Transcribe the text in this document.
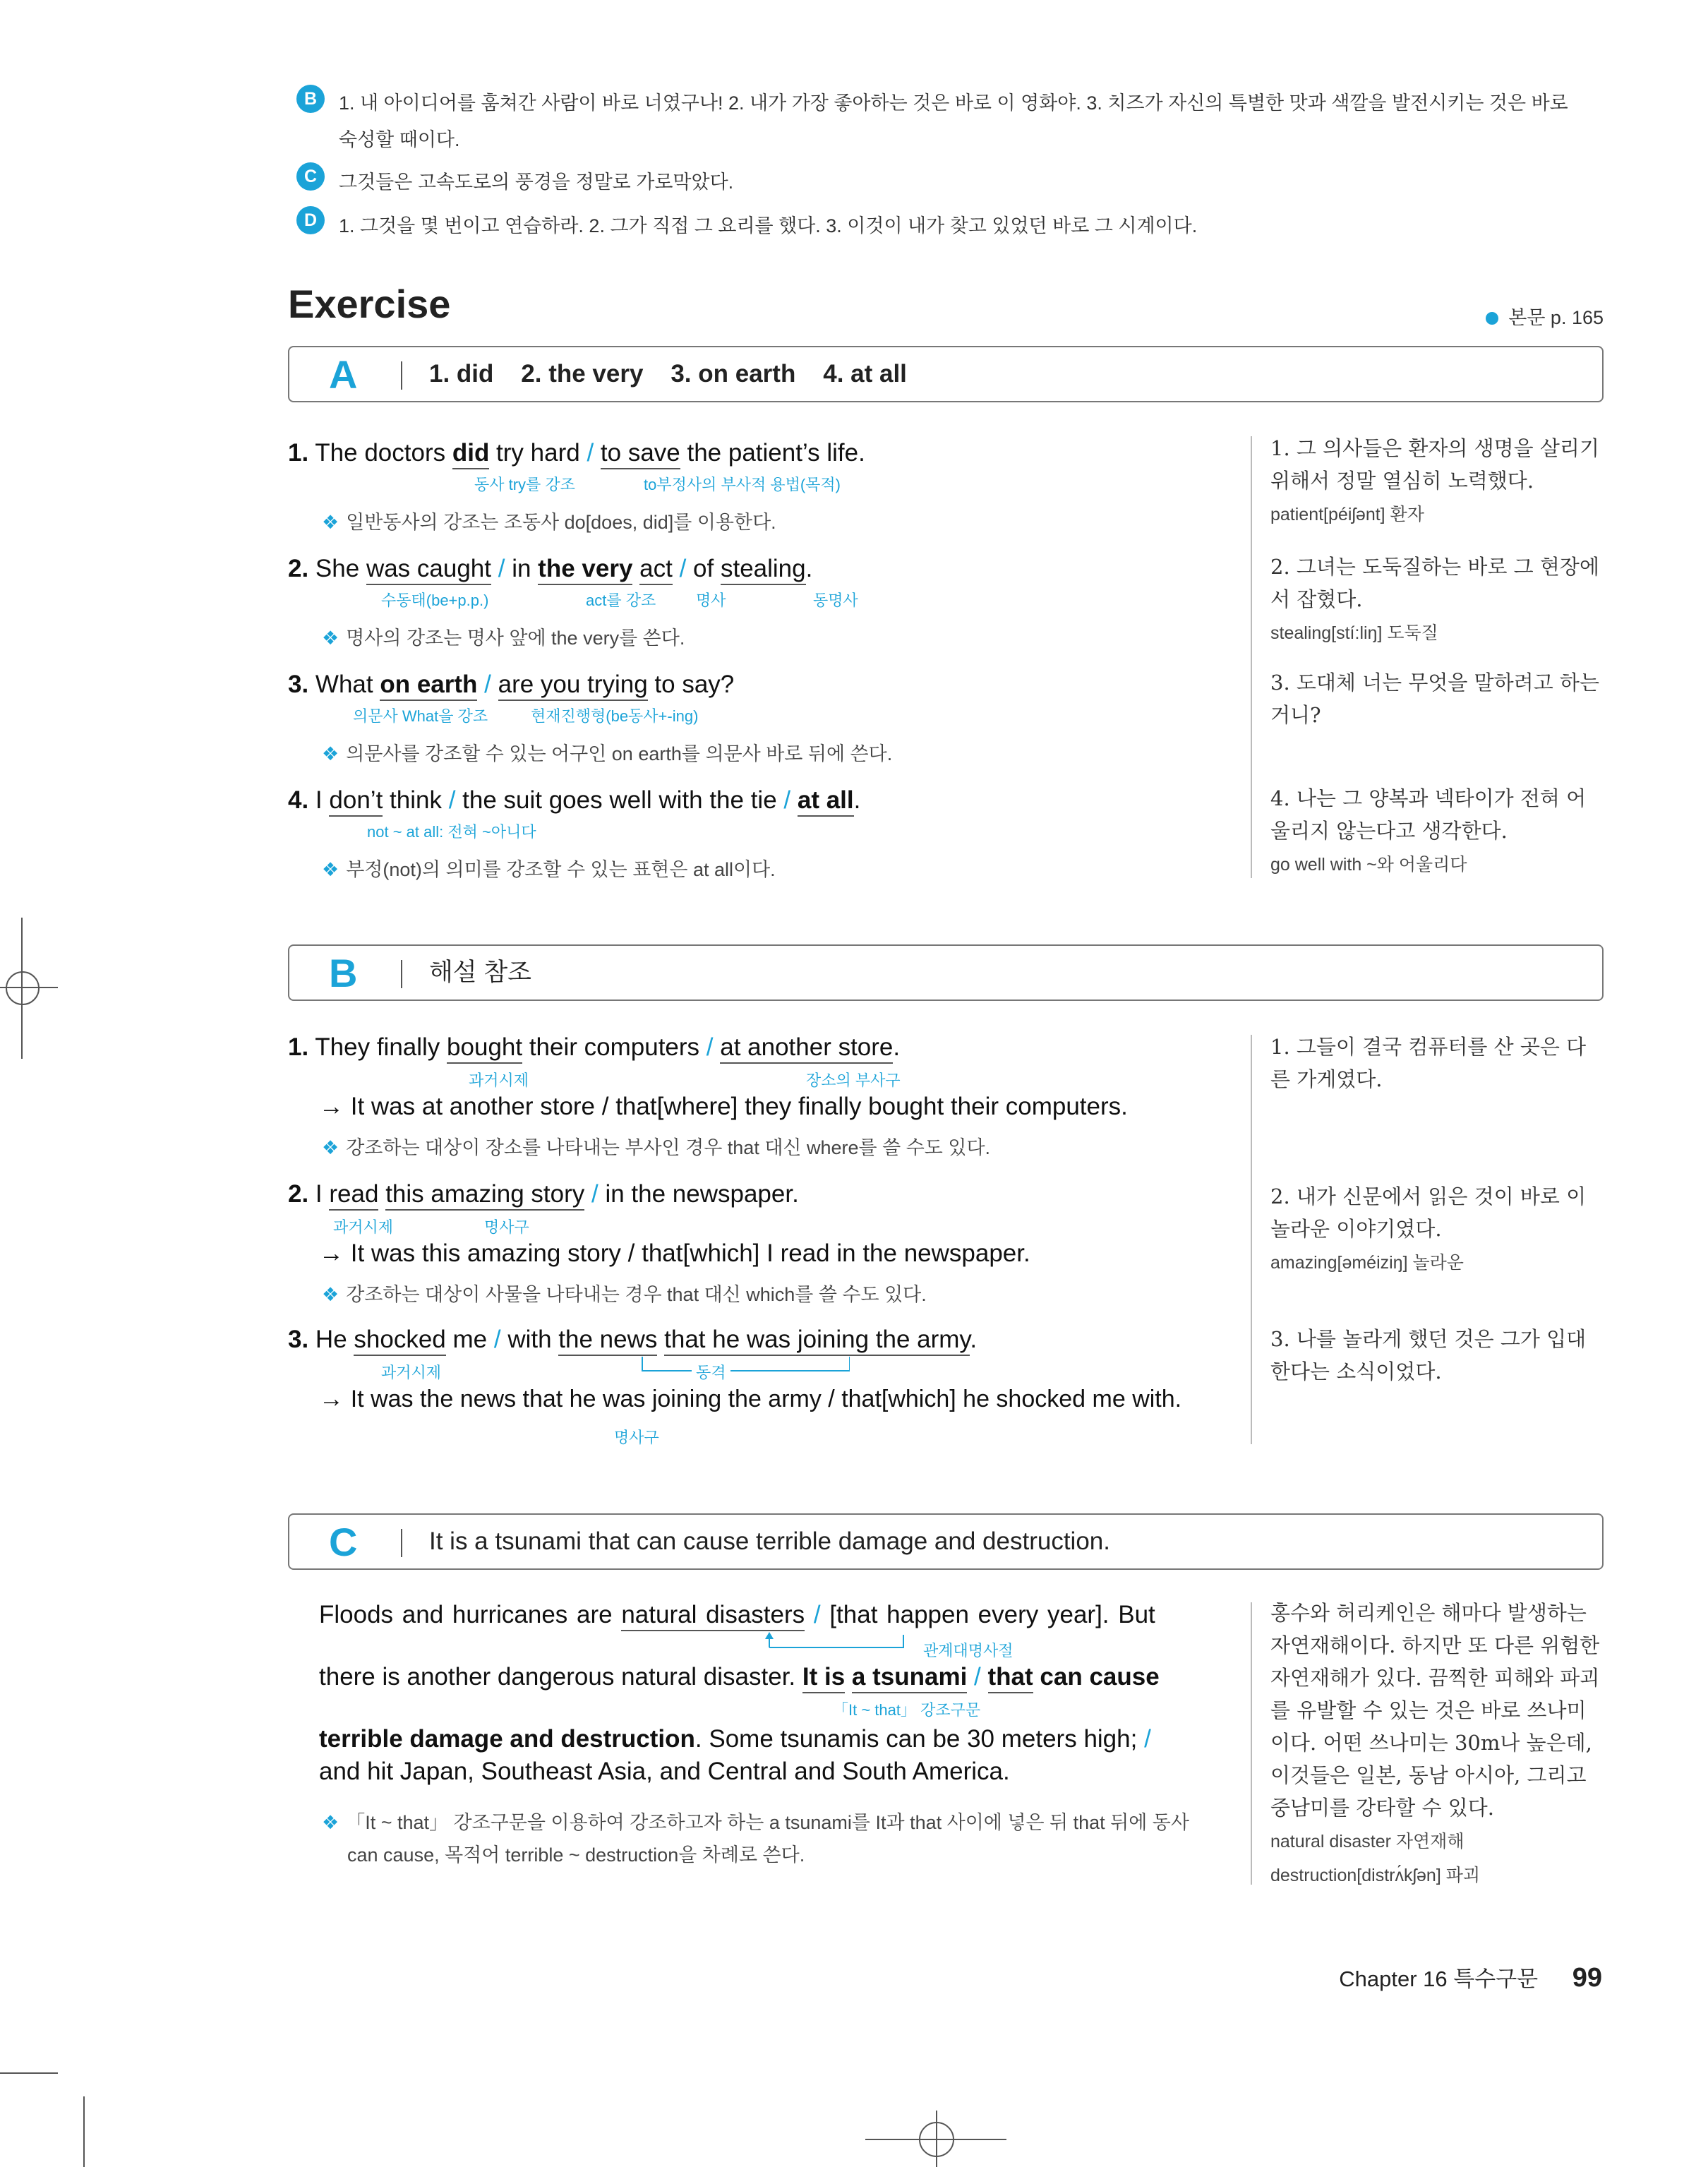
B	1. 내 아이디어를 훔쳐간 사람이 바로 너였구나! 2. 내가 가장 좋아하는 것은 바로 이 영화야. 3. 치즈가 자신의 특별한 맛과 색깔을 발전시키는 것은 바로
숙성할 때이다.
C	그것들은 고속도로의 풍경을 정말로 가로막았다.
D	1. 그것을 몇 번이고 연습하라. 2. 그가 직접 그 요리를 했다. 3. 이것이 내가 찾고 있었던 바로 그 시계이다.
Exercise	본문 p. 165
A	1. did    2. the very    3. on earth    4. at all
1. The doctors did try hard / to save the patient’s life.
동사 try를 강조	to부정사의 부사적 용법(목적)
❖ 일반동사의 강조는 조동사 do[does, did]를 이용한다.
2. She was caught / in the very act / of stealing.
수동태(be+p.p.)	act를 강조	명사	동명사
❖ 명사의 강조는 명사 앞에 the very를 쓴다.
3. What on earth / are you trying to say?
의문사 What을 강조	현재진행형(be동사+-ing)
❖ 의문사를 강조할 수 있는 어구인 on earth를 의문사 바로 뒤에 쓴다.
4. I don’t think / the suit goes well with the tie / at all.
not ~ at all: 전혀 ~아니다
❖ 부정(not)의 의미를 강조할 수 있는 표현은 at all이다.
1. 그 의사들은 환자의 생명을 살리기 위해서 정말 열심히 노력했다.
patient[péiʃənt] 환자
2. 그녀는 도둑질하는 바로 그 현장에서 잡혔다.
stealing[stí:liŋ] 도둑질
3. 도대체 너는 무엇을 말하려고 하는 거니?
4. 나는 그 양복과 넥타이가 전혀 어울리지 않는다고 생각한다.
go well with ~와 어울리다
B	해설 참조
1. They finally bought their computers / at another store.
과거시제	장소의 부사구
→ It was at another store / that[where] they finally bought their computers.
❖ 강조하는 대상이 장소를 나타내는 부사인 경우 that 대신 where를 쓸 수도 있다.
2. I read this amazing story / in the newspaper.
과거시제	명사구
→ It was this amazing story / that[which] I read in the newspaper.
❖ 강조하는 대상이 사물을 나타내는 경우 that 대신 which를 쓸 수도 있다.
3. He shocked me / with the news that he was joining the army.
과거시제	동격
→ It was the news that he was joining the army / that[which] he shocked me with.
명사구
1. 그들이 결국 컴퓨터를 산 곳은 다른 가게였다.
2. 내가 신문에서 읽은 것이 바로 이 놀라운 이야기였다.
amazing[əméiziŋ] 놀라운
3. 나를 놀라게 했던 것은 그가 입대한다는 소식이었다.
C	It is a tsunami that can cause terrible damage and destruction.
Floods and hurricanes are natural disasters / [that happen every year]. But
관계대명사절
there is another dangerous natural disaster. It is a tsunami / that can cause
「It ~ that」 강조구문
terrible damage and destruction. Some tsunamis can be 30 meters high; /
and hit Japan, Southeast Asia, and Central and South America.
❖ 「It ~ that」 강조구문을 이용하여 강조하고자 하는 a tsunami를 It과 that 사이에 넣은 뒤 that 뒤에 동사
can cause, 목적어 terrible ~ destruction을 차례로 쓴다.
홍수와 허리케인은 해마다 발생하는 자연재해이다. 하지만 또 다른 위험한 자연재해가 있다. 끔찍한 피해와 파괴를 유발할 수 있는 것은 바로 쓰나미이다. 어떤 쓰나미는 30m나 높은데, 이것들은 일본, 동남 아시아, 그리고 중남미를 강타할 수 있다.
natural disaster 자연재해
destruction[distrʌ́kʃən] 파괴
Chapter 16 특수구문 99
